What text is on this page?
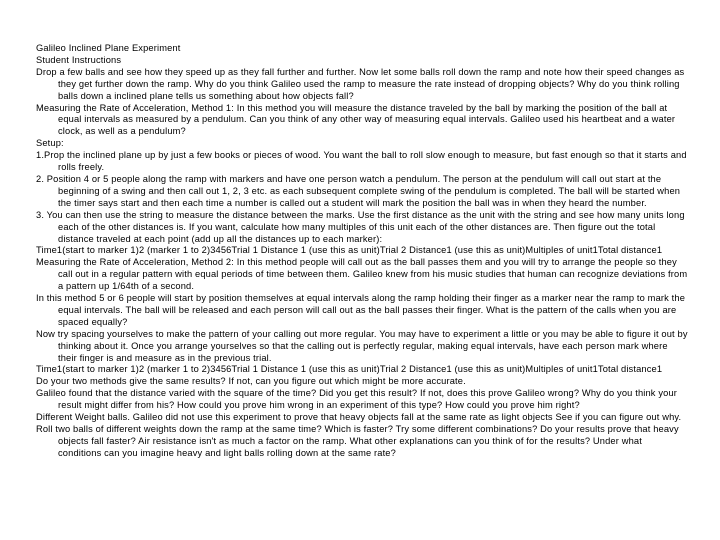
Galileo Inclined Plane Experiment

Student Instructions

Drop a few balls and see how they speed up as they fall further and further. Now let some balls roll down the ramp and note how their speed changes as they get further down the ramp. Why do you think Galileo used the ramp to measure the rate instead of dropping objects? Why do you think rolling balls down a inclined plane tells us something about how objects fall?

Measuring the Rate of Acceleration, Method 1: In this method you will measure the distance traveled by the ball by marking the position of the ball at equal intervals as measured by a pendulum. Can you think of any other way of measuring equal intervals. Galileo used his heartbeat and a water clock, as well as a pendulum?

Setup:

1.Prop the inclined plane up by just a few books or pieces of wood. You want the ball to roll slow enough to measure, but fast enough so that it starts and rolls freely.

2. Position 4 or 5 people along the ramp with markers and have one person watch a pendulum. The person at the pendulum will call out start at the beginning of a swing and then call out 1, 2, 3 etc. as each subsequent complete swing of the pendulum is completed. The ball will be started when the timer says start and then each time a number is called out a student will mark the position the ball was in when they heard the number.

3. You can then use the string to measure the distance between the marks. Use the first distance as the unit with the string and see how many units long each of the other distances is. If you want, calculate how many multiples of this unit each of the other distances are. Then figure out the total distance traveled at each point (add up all the distances up to each marker):

Time1(start to marker 1)2 (marker 1 to 2)3456Trial 1 Distance 1 (use this as unit)Trial 2 Distance1 (use this as unit)Multiples of unit1Total distance1

Measuring the Rate of Acceleration, Method 2: In this method people will call out as the ball passes them and you will try to arrange the people so they call out in a regular pattern with equal periods of time between them. Galileo knew from his music studies that human can recognize deviations from a pattern up 1/64th of a second.

In this method 5 or 6 people will start by position themselves at equal intervals along the ramp holding their finger as a marker near the ramp to mark the equal intervals. The ball will be released and each person will call out as the ball passes their finger. What is the pattern of the calls when you are spaced equally?

Now try spacing yourselves to make the pattern of your calling out more regular. You may have to experiment a little or you may be able to figure it out by thinking about it. Once you arrange yourselves so that the calling out is perfectly regular, making equal intervals, have each person mark where their finger is and measure as in the previous trial.

Time1(start to marker 1)2 (marker 1 to 2)3456Trial 1 Distance 1 (use this as unit)Trial 2 Distance1 (use this as unit)Multiples of unit1Total distance1

Do your two methods give the same results? If not, can you figure out which might be more accurate.

Galileo found that the distance varied with the square of the time? Did you get this result? If not, does this prove Galileo wrong? Why do you think your result might differ from his? How could you prove him wrong in an experiment of this type? How could you prove him right?

Different Weight balls. Galileo did not use this experiment to prove that heavy objects fall at the same rate as light objects See if you can figure out why.

Roll two balls of different weights down the ramp at the same time? Which is faster? Try some different combinations? Do your results prove that heavy objects fall faster? Air resistance isn't as much a factor on the ramp. What other explanations can you think of for the results? Under what conditions can you imagine heavy and light balls rolling down at the same rate?
